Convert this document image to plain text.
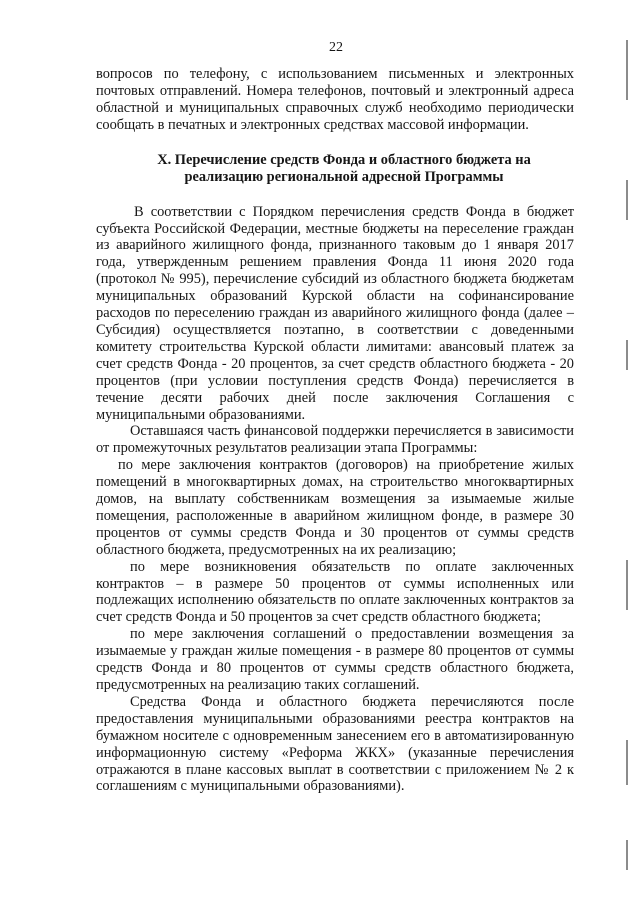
22

вопросов по телефону, с использованием письменных и электронных почтовых отправлений. Номера телефонов, почтовый и электронный адреса областной и муниципальных справочных служб необходимо периодически сообщать в печатных и электронных средствах массовой информации.

X. Перечисление средств Фонда и областного бюджета на
реализацию региональной адресной Программы

В соответствии с Порядком перечисления средств Фонда в бюджет субъекта Российской Федерации, местные бюджеты на переселение граждан из аварийного жилищного фонда, признанного таковым до 1 января 2017 года, утвержденным решением правления Фонда 11 июня 2020 года (протокол № 995), перечисление субсидий из областного бюджета бюджетам муниципальных образований Курской области на софинансирование расходов по переселению граждан из аварийного жилищного фонда (далее – Субсидия) осуществляется поэтапно, в соответствии с доведенными комитету строительства Курской области лимитами: авансовый платеж за счет средств Фонда - 20 процентов, за счет средств областного бюджета - 20 процентов (при условии поступления средств Фонда) перечисляется в течение десяти рабочих дней после заключения Соглашения с муниципальными образованиями.

Оставшаяся часть финансовой поддержки перечисляется в зависимости от промежуточных результатов реализации этапа Программы:

по мере заключения контрактов (договоров) на приобретение жилых помещений в многоквартирных домах, на строительство многоквартирных домов, на выплату собственникам возмещения за изымаемые жилые помещения, расположенные в аварийном жилищном фонде, в размере 30 процентов от суммы средств Фонда и 30 процентов от суммы средств областного бюджета, предусмотренных на их реализацию;

по мере возникновения обязательств по оплате заключенных контрактов – в размере 50 процентов от суммы исполненных или подлежащих исполнению обязательств по оплате заключенных контрактов за счет средств Фонда и 50 процентов за счет средств областного бюджета;

по мере заключения соглашений о предоставлении возмещения за изымаемые у граждан жилые помещения - в размере 80 процентов от суммы средств Фонда и 80 процентов от суммы средств областного бюджета, предусмотренных на реализацию таких соглашений.

Средства Фонда и областного бюджета перечисляются после предоставления муниципальными образованиями реестра контрактов на бумажном носителе с одновременным занесением его в автоматизированную информационную систему «Реформа ЖКХ» (указанные перечисления отражаются в плане кассовых выплат в соответствии с приложением № 2 к соглашениям с муниципальными образованиями).
